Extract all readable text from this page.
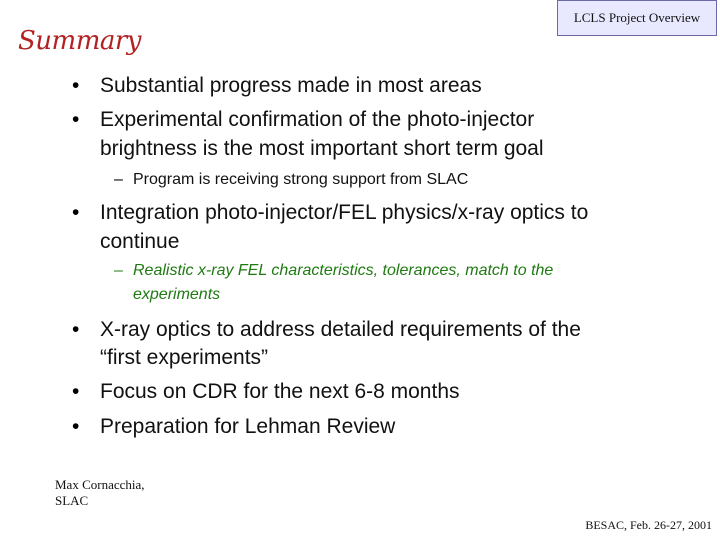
Summary
LCLS Project Overview
• Substantial progress made in most areas
• Experimental confirmation of the photo-injector
brightness is the most important short term goal
– Program is receiving strong support from SLAC
• Integration photo-injector/FEL physics/x-ray optics to
continue
– Realistic x-ray FEL characteristics, tolerances, match to the
experiments
• X-ray optics to address detailed requirements of the
“first experiments”
• Focus on CDR for the next 6-8 months
• Preparation for Lehman Review
Max Cornacchia,
SLAC
BESAC, Feb. 26-27, 2001
